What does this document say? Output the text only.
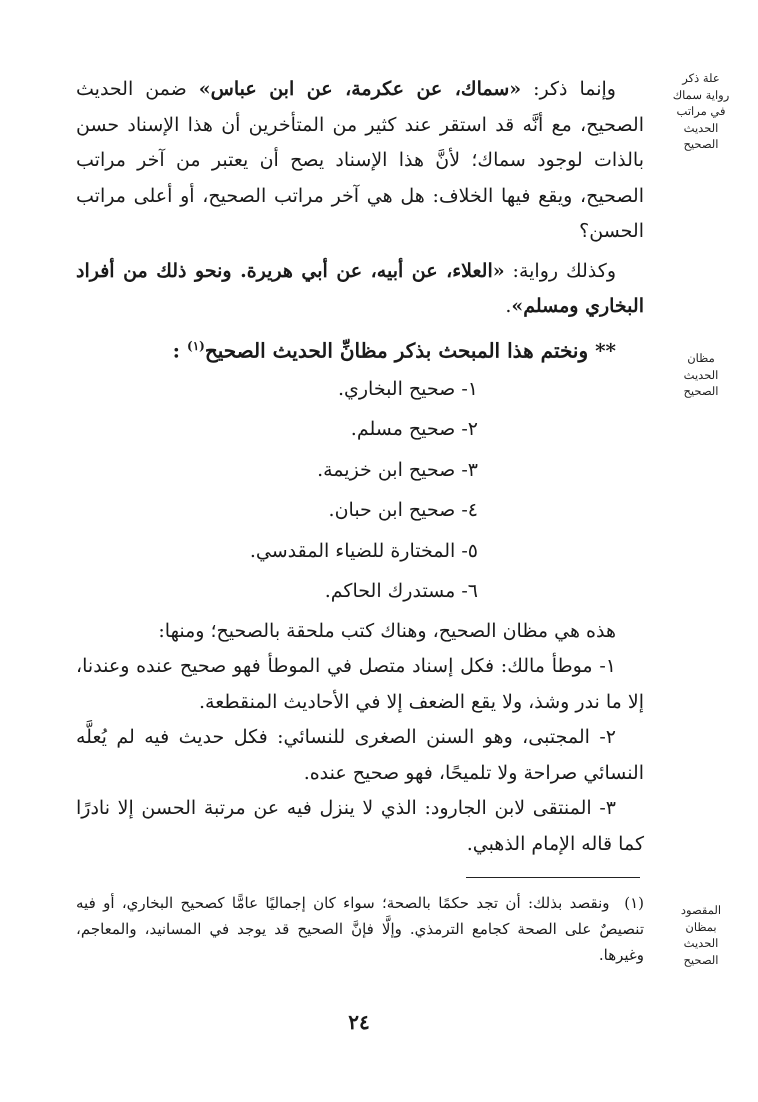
علة ذكر
رواية سماك
في مراتب
الحديث
الصحيح
مظان
الحديث
الصحيح
المقصود
بمظان
الحديث
الصحيح

وإنما ذكر: «سماك، عن عكرمة، عن ابن عباس» ضمن الحديث الصحيح، مع أنَّه قد استقر عند كثير من المتأخرين أن هذا الإسناد حسن بالذات لوجود سماك؛ لأنَّ هذا الإسناد يصح أن يعتبر من آخر مراتب الصحيح، ويقع فيها الخلاف: هل هي آخر مراتب الصحيح، أو أعلى مراتب الحسن؟

وكذلك رواية: «العلاء، عن أبيه، عن أبي هريرة. ونحو ذلك من أفراد البخاري ومسلم».

** ونختم هذا المبحث بذكر مظانِّ الحديث الصحيح$^{(١)}$ :

١- صحيح البخاري.

٢- صحيح مسلم.

٣- صحيح ابن خزيمة.

٤- صحيح ابن حبان.

٥- المختارة للضياء المقدسي.

٦- مستدرك الحاكم.

هذه هي مظان الصحيح، وهناك كتب ملحقة بالصحيح؛ ومنها:

١- موطأ مالك: فكل إسناد متصل في الموطأ فهو صحيح عنده وعندنا، إلا ما ندر وشذ، ولا يقع الضعف إلا في الأحاديث المنقطعة.

٢- المجتبى، وهو السنن الصغرى للنسائي: فكل حديث فيه لم يُعلَّه النسائي صراحة ولا تلميحًا، فهو صحيح عنده.

٣- المنتقى لابن الجارود: الذي لا ينزل فيه عن مرتبة الحسن إلا نادرًا كما قاله الإمام الذهبي.

(١)  ونقصد بذلك: أن تجد حكمًا بالصحة؛ سواء كان إجماليًا عامًّا كصحيح البخاري، أو فيه تنصيصٌ على الصحة كجامع الترمذي. وإلَّا فإنَّ الصحيح قد يوجد في المسانيد، والمعاجم، وغيرها.

٢٤
